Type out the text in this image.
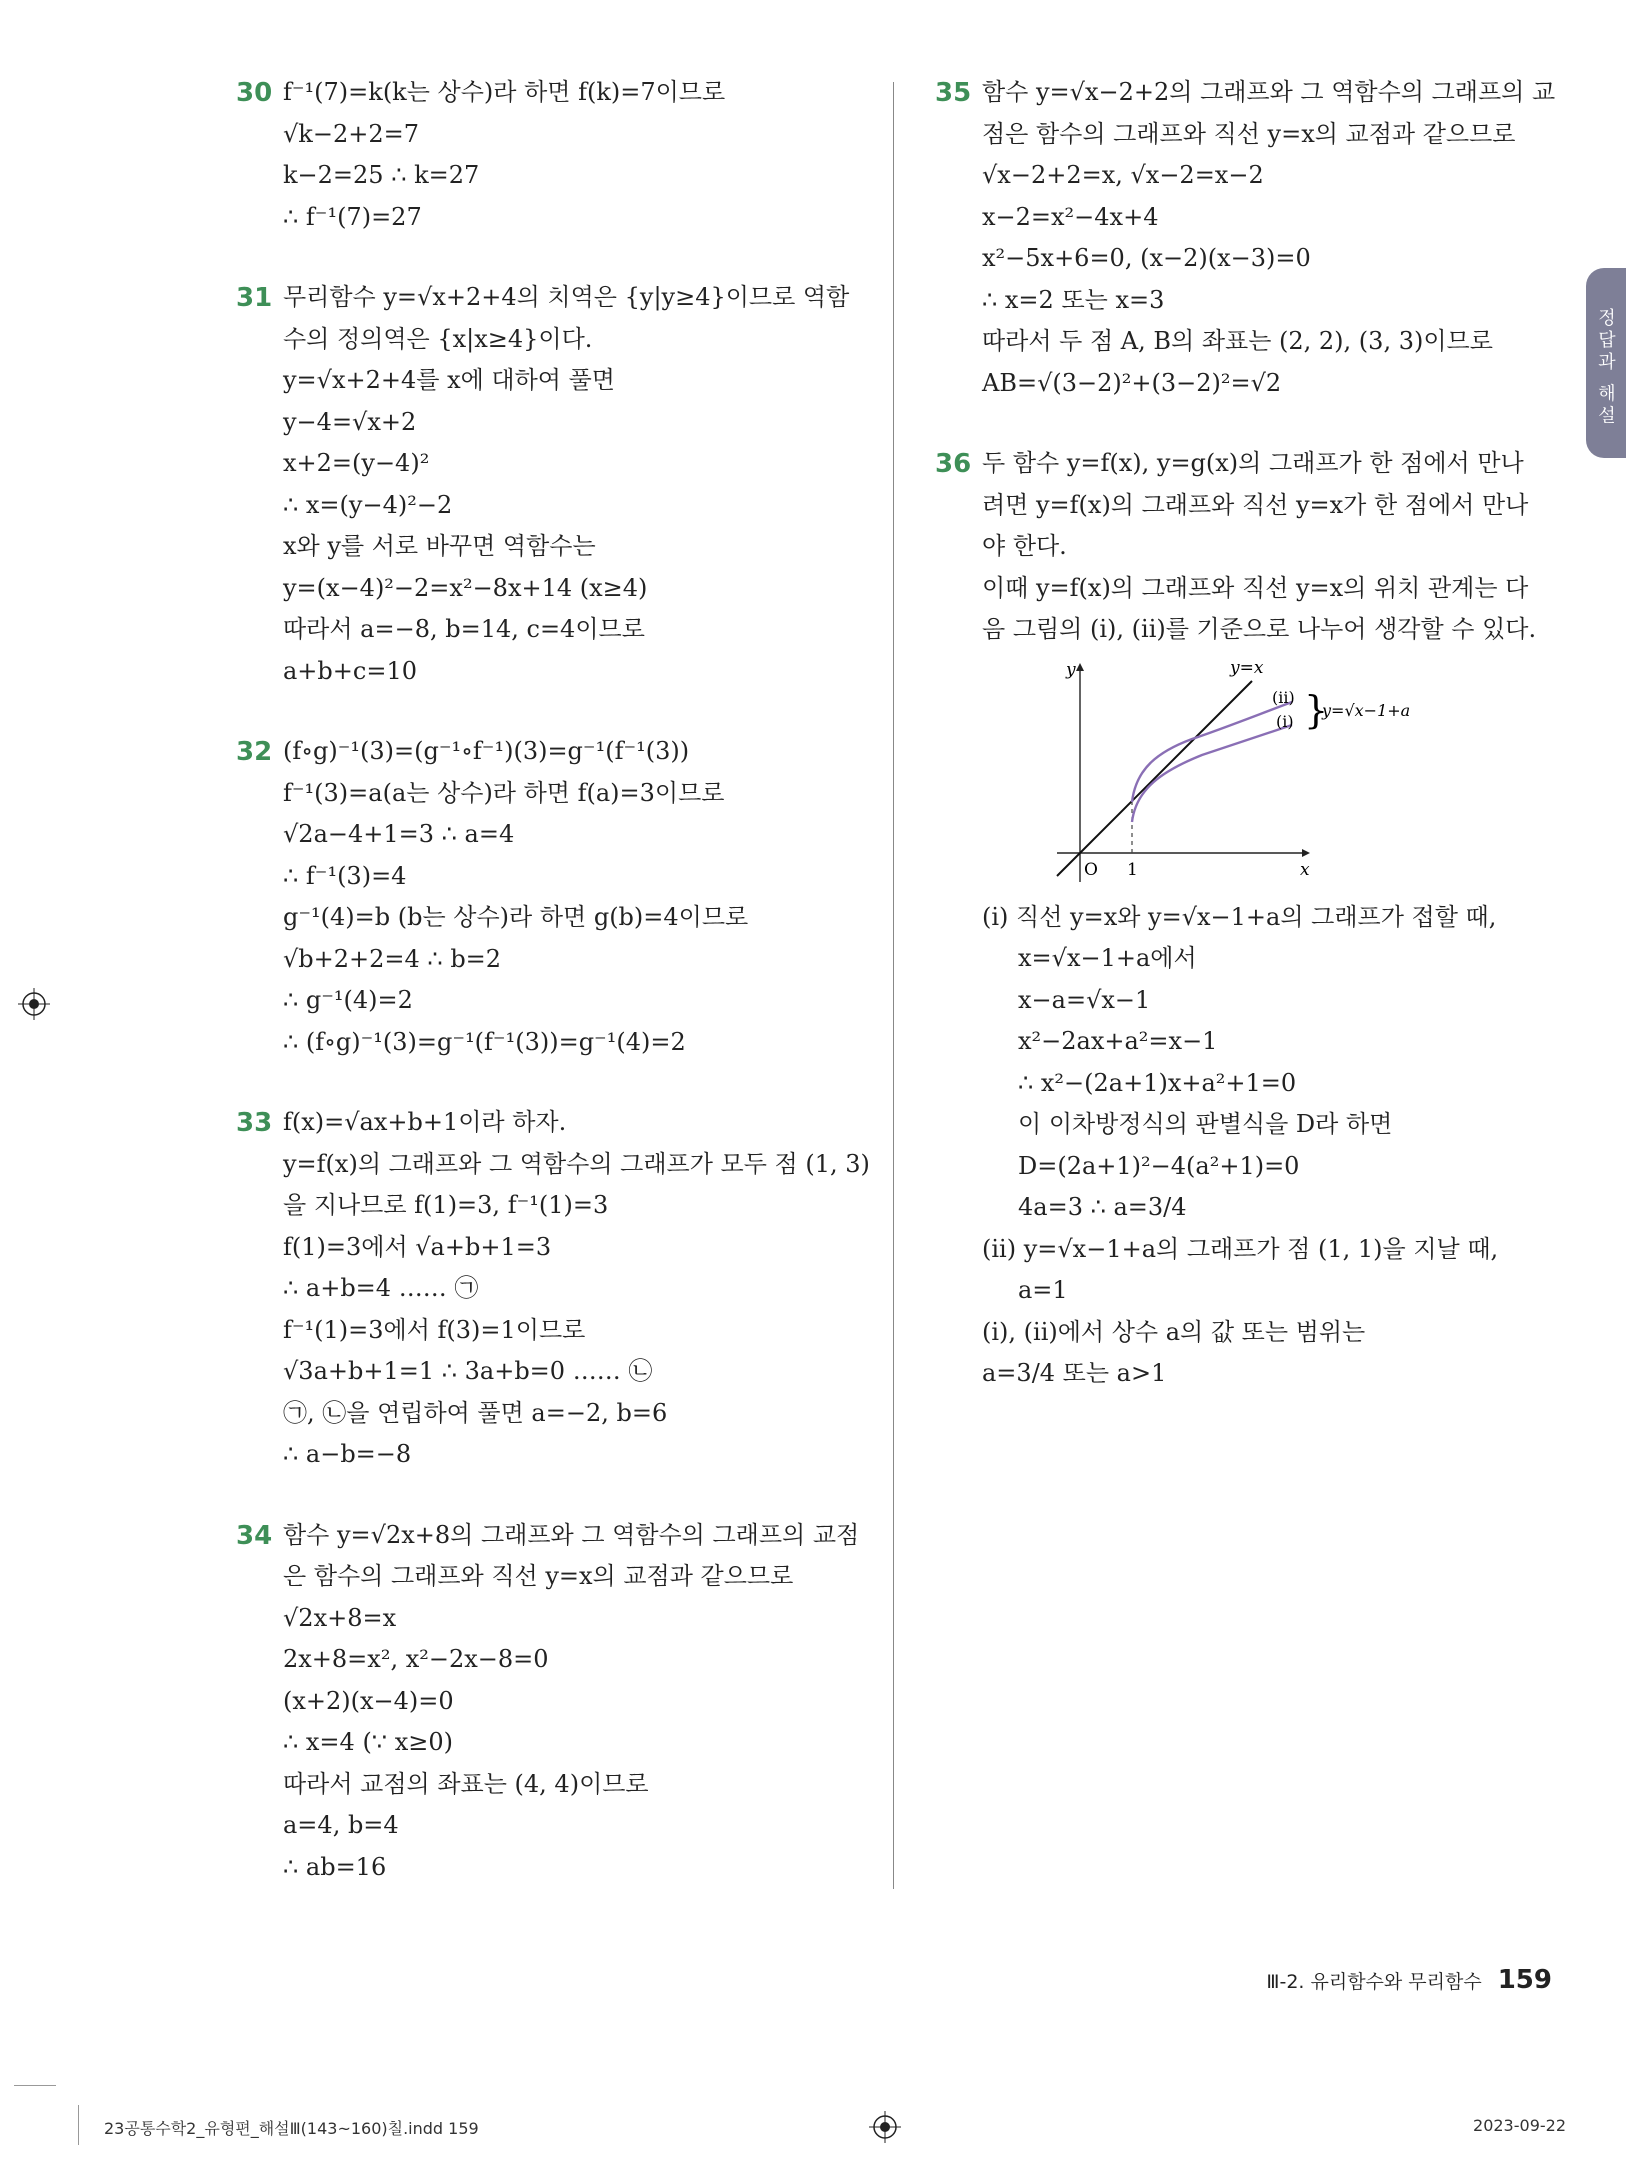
30 f⁻¹(7)=k(k는 상수)라 하면 f(k)=7이므로
√k−2+2=7
k−2=25 ∴ k=27
∴ f⁻¹(7)=27
31 무리함수 y=√x+2+4의 치역은 {y|y≥4}이므로 역함
수의 정의역은 {x|x≥4}이다.
y=√x+2+4를 x에 대하여 풀면
y−4=√x+2
x+2=(y−4)²
∴ x=(y−4)²−2
x와 y를 서로 바꾸면 역함수는
y=(x−4)²−2=x²−8x+14 (x≥4)
따라서 a=−8, b=14, c=4이므로
a+b+c=10
32 (f∘g)⁻¹(3)=(g⁻¹∘f⁻¹)(3)=g⁻¹(f⁻¹(3))
f⁻¹(3)=a(a는 상수)라 하면 f(a)=3이므로
√2a−4+1=3 ∴ a=4
∴ f⁻¹(3)=4
g⁻¹(4)=b (b는 상수)라 하면 g(b)=4이므로
√b+2+2=4 ∴ b=2
∴ g⁻¹(4)=2
∴ (f∘g)⁻¹(3)=g⁻¹(f⁻¹(3))=g⁻¹(4)=2
33 f(x)=√ax+b+1이라 하자.
y=f(x)의 그래프와 그 역함수의 그래프가 모두 점 (1, 3)
을 지나므로 f(1)=3, f⁻¹(1)=3
f(1)=3에서 √a+b+1=3
∴ a+b=4 …… ㉠
f⁻¹(1)=3에서 f(3)=1이므로
√3a+b+1=1 ∴ 3a+b=0 …… ㉡
㉠, ㉡을 연립하여 풀면 a=−2, b=6
∴ a−b=−8
34 함수 y=√2x+8의 그래프와 그 역함수의 그래프의 교점
은 함수의 그래프와 직선 y=x의 교점과 같으므로
√2x+8=x
2x+8=x², x²−2x−8=0
(x+2)(x−4)=0
∴ x=4 (∵ x≥0)
따라서 교점의 좌표는 (4, 4)이므로
a=4, b=4
∴ ab=16
35 함수 y=√x−2+2의 그래프와 그 역함수의 그래프의 교
점은 함수의 그래프와 직선 y=x의 교점과 같으므로
√x−2+2=x, √x−2=x−2
x−2=x²−4x+4
x²−5x+6=0, (x−2)(x−3)=0
∴ x=2 또는 x=3
따라서 두 점 A, B의 좌표는 (2, 2), (3, 3)이므로
AB=√(3−2)²+(3−2)²=√2
36 두 함수 y=f(x), y=g(x)의 그래프가 한 점에서 만나
려면 y=f(x)의 그래프와 직선 y=x가 한 점에서 만나
야 한다.
이때 y=f(x)의 그래프와 직선 y=x의 위치 관계는 다
음 그림의 (i), (ii)를 기준으로 나누어 생각할 수 있다.
y
x
y=x
O 1
(ii)
(i) }
y=√x−1+a
(i) 직선 y=x와 y=√x−1+a의 그래프가 접할 때,
x=√x−1+a에서
x−a=√x−1
x²−2ax+a²=x−1
∴ x²−(2a+1)x+a²+1=0
이 이차방정식의 판별식을 D라 하면
D=(2a+1)²−4(a²+1)=0
4a=3 ∴ a=3/4
(ii) y=√x−1+a의 그래프가 점 (1, 1)을 지날 때,
a=1
(i), (ii)에서 상수 a의 값 또는 범위는
a=3/4 또는 a>1
정답과 해설
Ⅲ-2. 유리함수와 무리함수 159
23공통수학2_유형편_해설Ⅲ(143~160)칠.indd 159	2023-09-22
